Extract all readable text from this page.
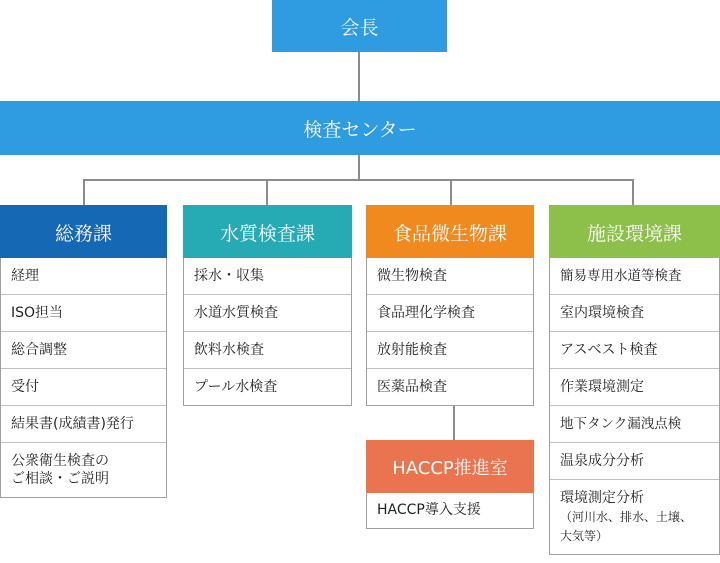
会長
検査センター
総務課
経理
ISO担当
総合調整
受付
結果書(成績書)発行
公衆衛生検査の
ご相談・ご説明
水質検査課
採水・収集
水道水質検査
飲料水検査
プール水検査
食品微生物課
微生物検査
食品理化学検査
放射能検査
医薬品検査
HACCP推進室
HACCP導入支援
施設環境課
簡易専用水道等検査
室内環境検査
アスベスト検査
作業環境測定
地下タンク漏洩点検
温泉成分分析
環境測定分析
（河川水、排水、土壌、
大気等）
